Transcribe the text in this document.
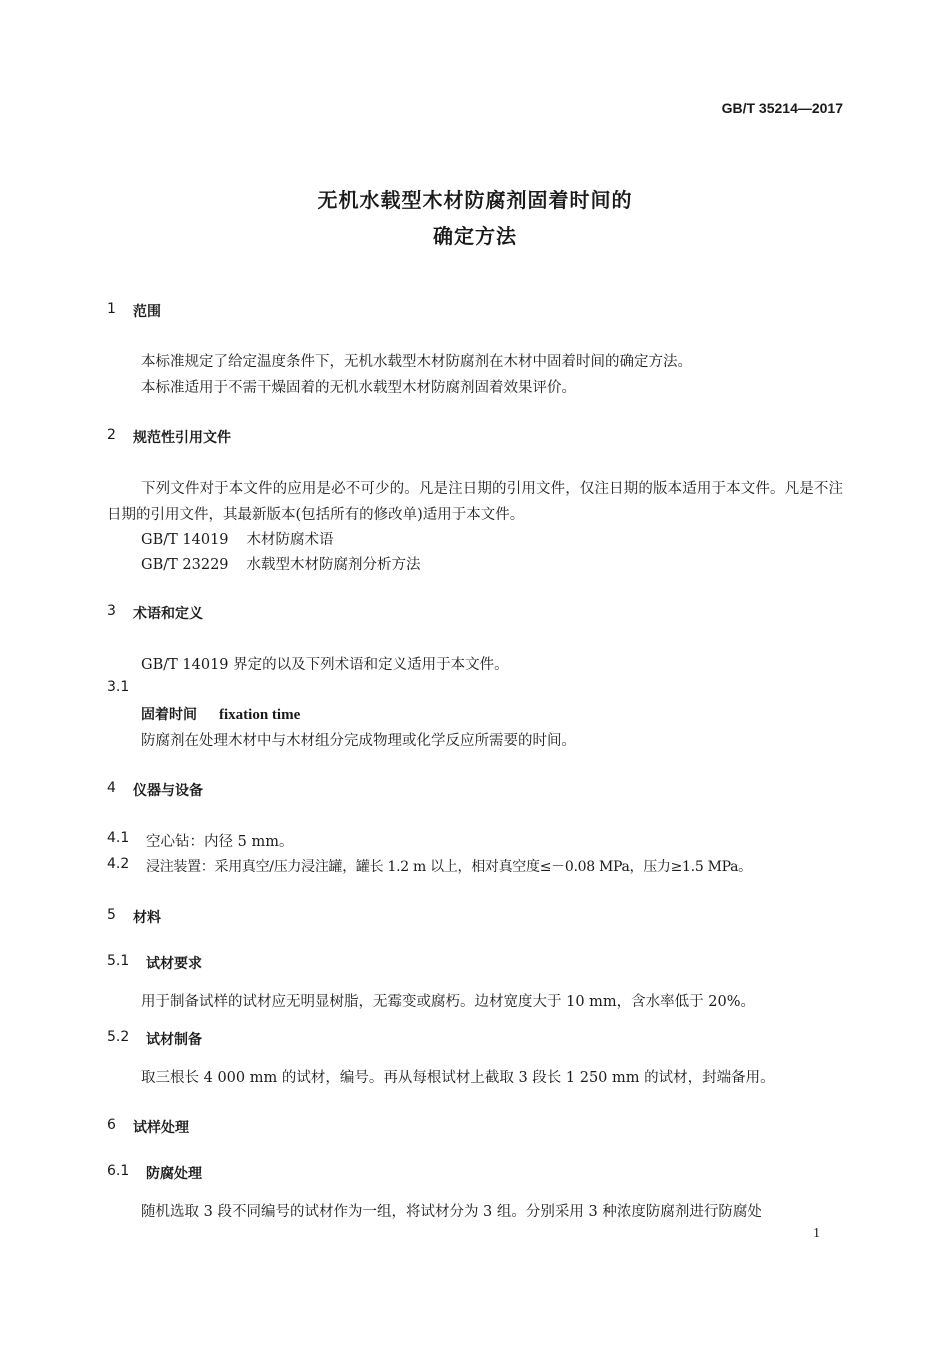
GB/T 35214—2017
无机水载型木材防腐剂固着时间的
确定方法
1 范围
本标准规定了给定温度条件下，无机水载型木材防腐剂在木材中固着时间的确定方法。
本标准适用于不需干燥固着的无机水载型木材防腐剂固着效果评价。
2 规范性引用文件
下列文件对于本文件的应用是必不可少的。凡是注日期的引用文件，仅注日期的版本适用于本文件。凡是不注日期的引用文件，其最新版本(包括所有的修改单)适用于本文件。
GB/T 14019 木材防腐术语
GB/T 23229 水载型木材防腐剂分析方法
3 术语和定义
GB/T 14019 界定的以及下列术语和定义适用于本文件。
3.1
固着时间 fixation time
防腐剂在处理木材中与木材组分完成物理或化学反应所需要的时间。
4 仪器与设备
4.1 空心钻：内径 5 mm。
4.2 浸注装置：采用真空/压力浸注罐，罐长 1.2 m 以上，相对真空度≤－0.08 MPa，压力≥1.5 MPa。
5 材料
5.1 试材要求
用于制备试样的试材应无明显树脂，无霉变或腐朽。边材宽度大于 10 mm，含水率低于 20%。
5.2 试材制备
取三根长 4 000 mm 的试材，编号。再从每根试材上截取 3 段长 1 250 mm 的试材，封端备用。
6 试样处理
6.1 防腐处理
随机选取 3 段不同编号的试材作为一组，将试材分为 3 组。分别采用 3 种浓度防腐剂进行防腐处
1
